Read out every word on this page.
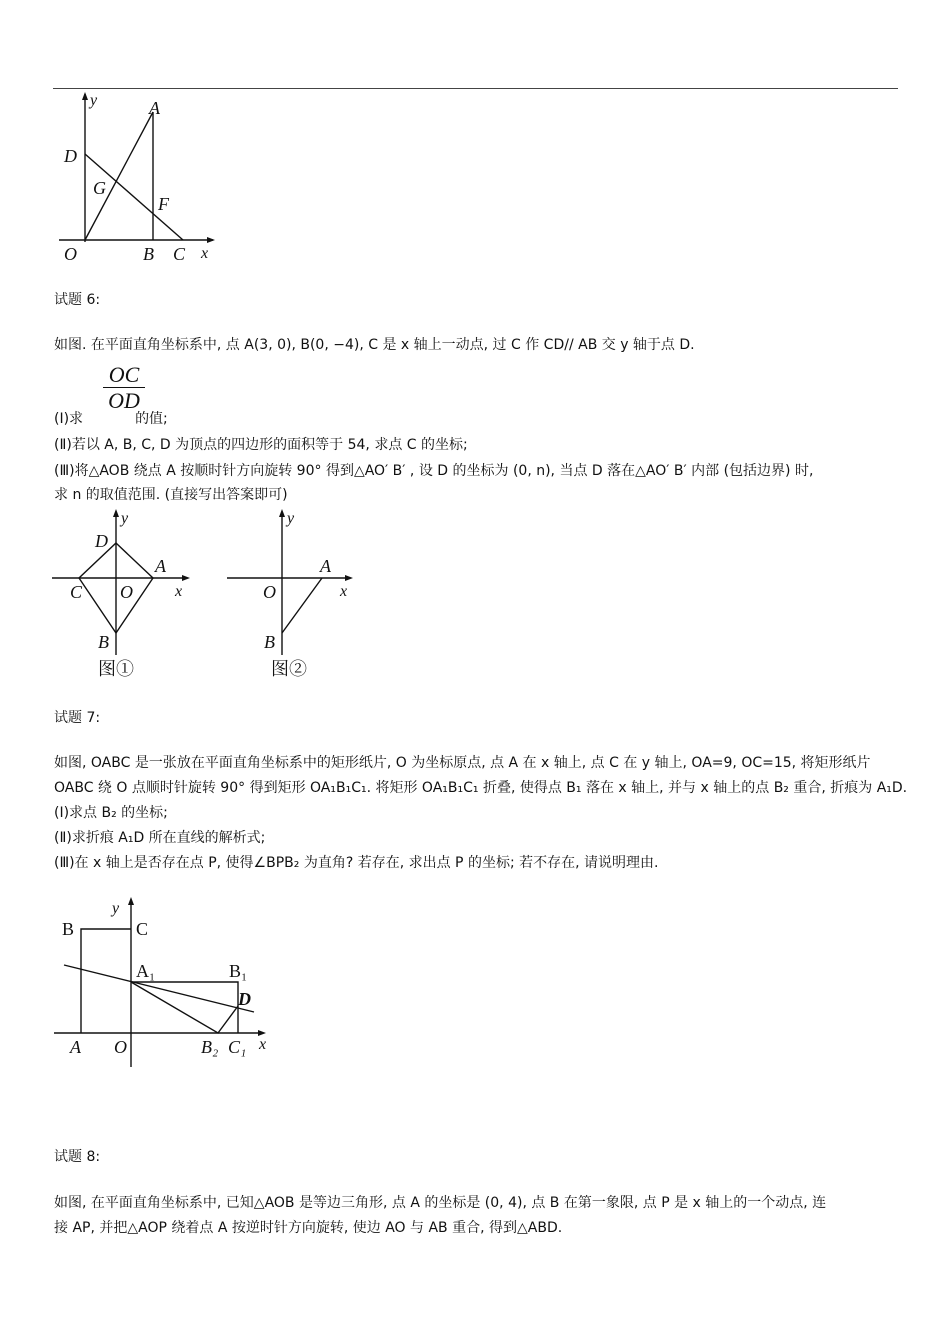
y	A
D
G
F
O	B C x
试题 6:
如图. 在平面直角坐标系中, 点 A(3, 0), B(0, −4), C 是 x 轴上一动点, 过 C 作 CD// AB 交 y 轴于点 D.
OC
OD
(Ⅰ)求	的值;
(Ⅱ)若以 A, B, C, D 为顶点的四边形的面积等于 54, 求点 C 的坐标;
(Ⅲ)将△AOB 绕点 A 按顺时针方向旋转 90° 得到△AO′ B′ , 设 D 的坐标为 (0, n), 当点 D 落在△AO′ B′ 内部 (包括边界) 时,
求 n 的取值范围. (直接写出答案即可)
y
D
A
C O	x
B
图①
y
A
O	x
B
图②
试题 7:
如图, OABC 是一张放在平面直角坐标系中的矩形纸片, O 为坐标原点, 点 A 在 x 轴上, 点 C 在 y 轴上, OA=9, OC=15, 将矩形纸片
OABC 绕 O 点顺时针旋转 90° 得到矩形 OA₁B₁C₁. 将矩形 OA₁B₁C₁ 折叠, 使得点 B₁ 落在 x 轴上, 并与 x 轴上的点 B₂ 重合, 折痕为 A₁D.
(Ⅰ)求点 B₂ 的坐标;
(Ⅱ)求折痕 A₁D 所在直线的解析式;
(Ⅲ)在 x 轴上是否存在点 P, 使得∠BPB₂ 为直角? 若存在, 求出点 P 的坐标; 若不存在, 请说明理由.
y
B	C
A₁	B₁
D
A O	B₂ C₁ x
试题 8:
如图, 在平面直角坐标系中, 已知△AOB 是等边三角形, 点 A 的坐标是 (0, 4), 点 B 在第一象限, 点 P 是 x 轴上的一个动点, 连
接 AP, 并把△AOP 绕着点 A 按逆时针方向旋转, 使边 AO 与 AB 重合, 得到△ABD.
